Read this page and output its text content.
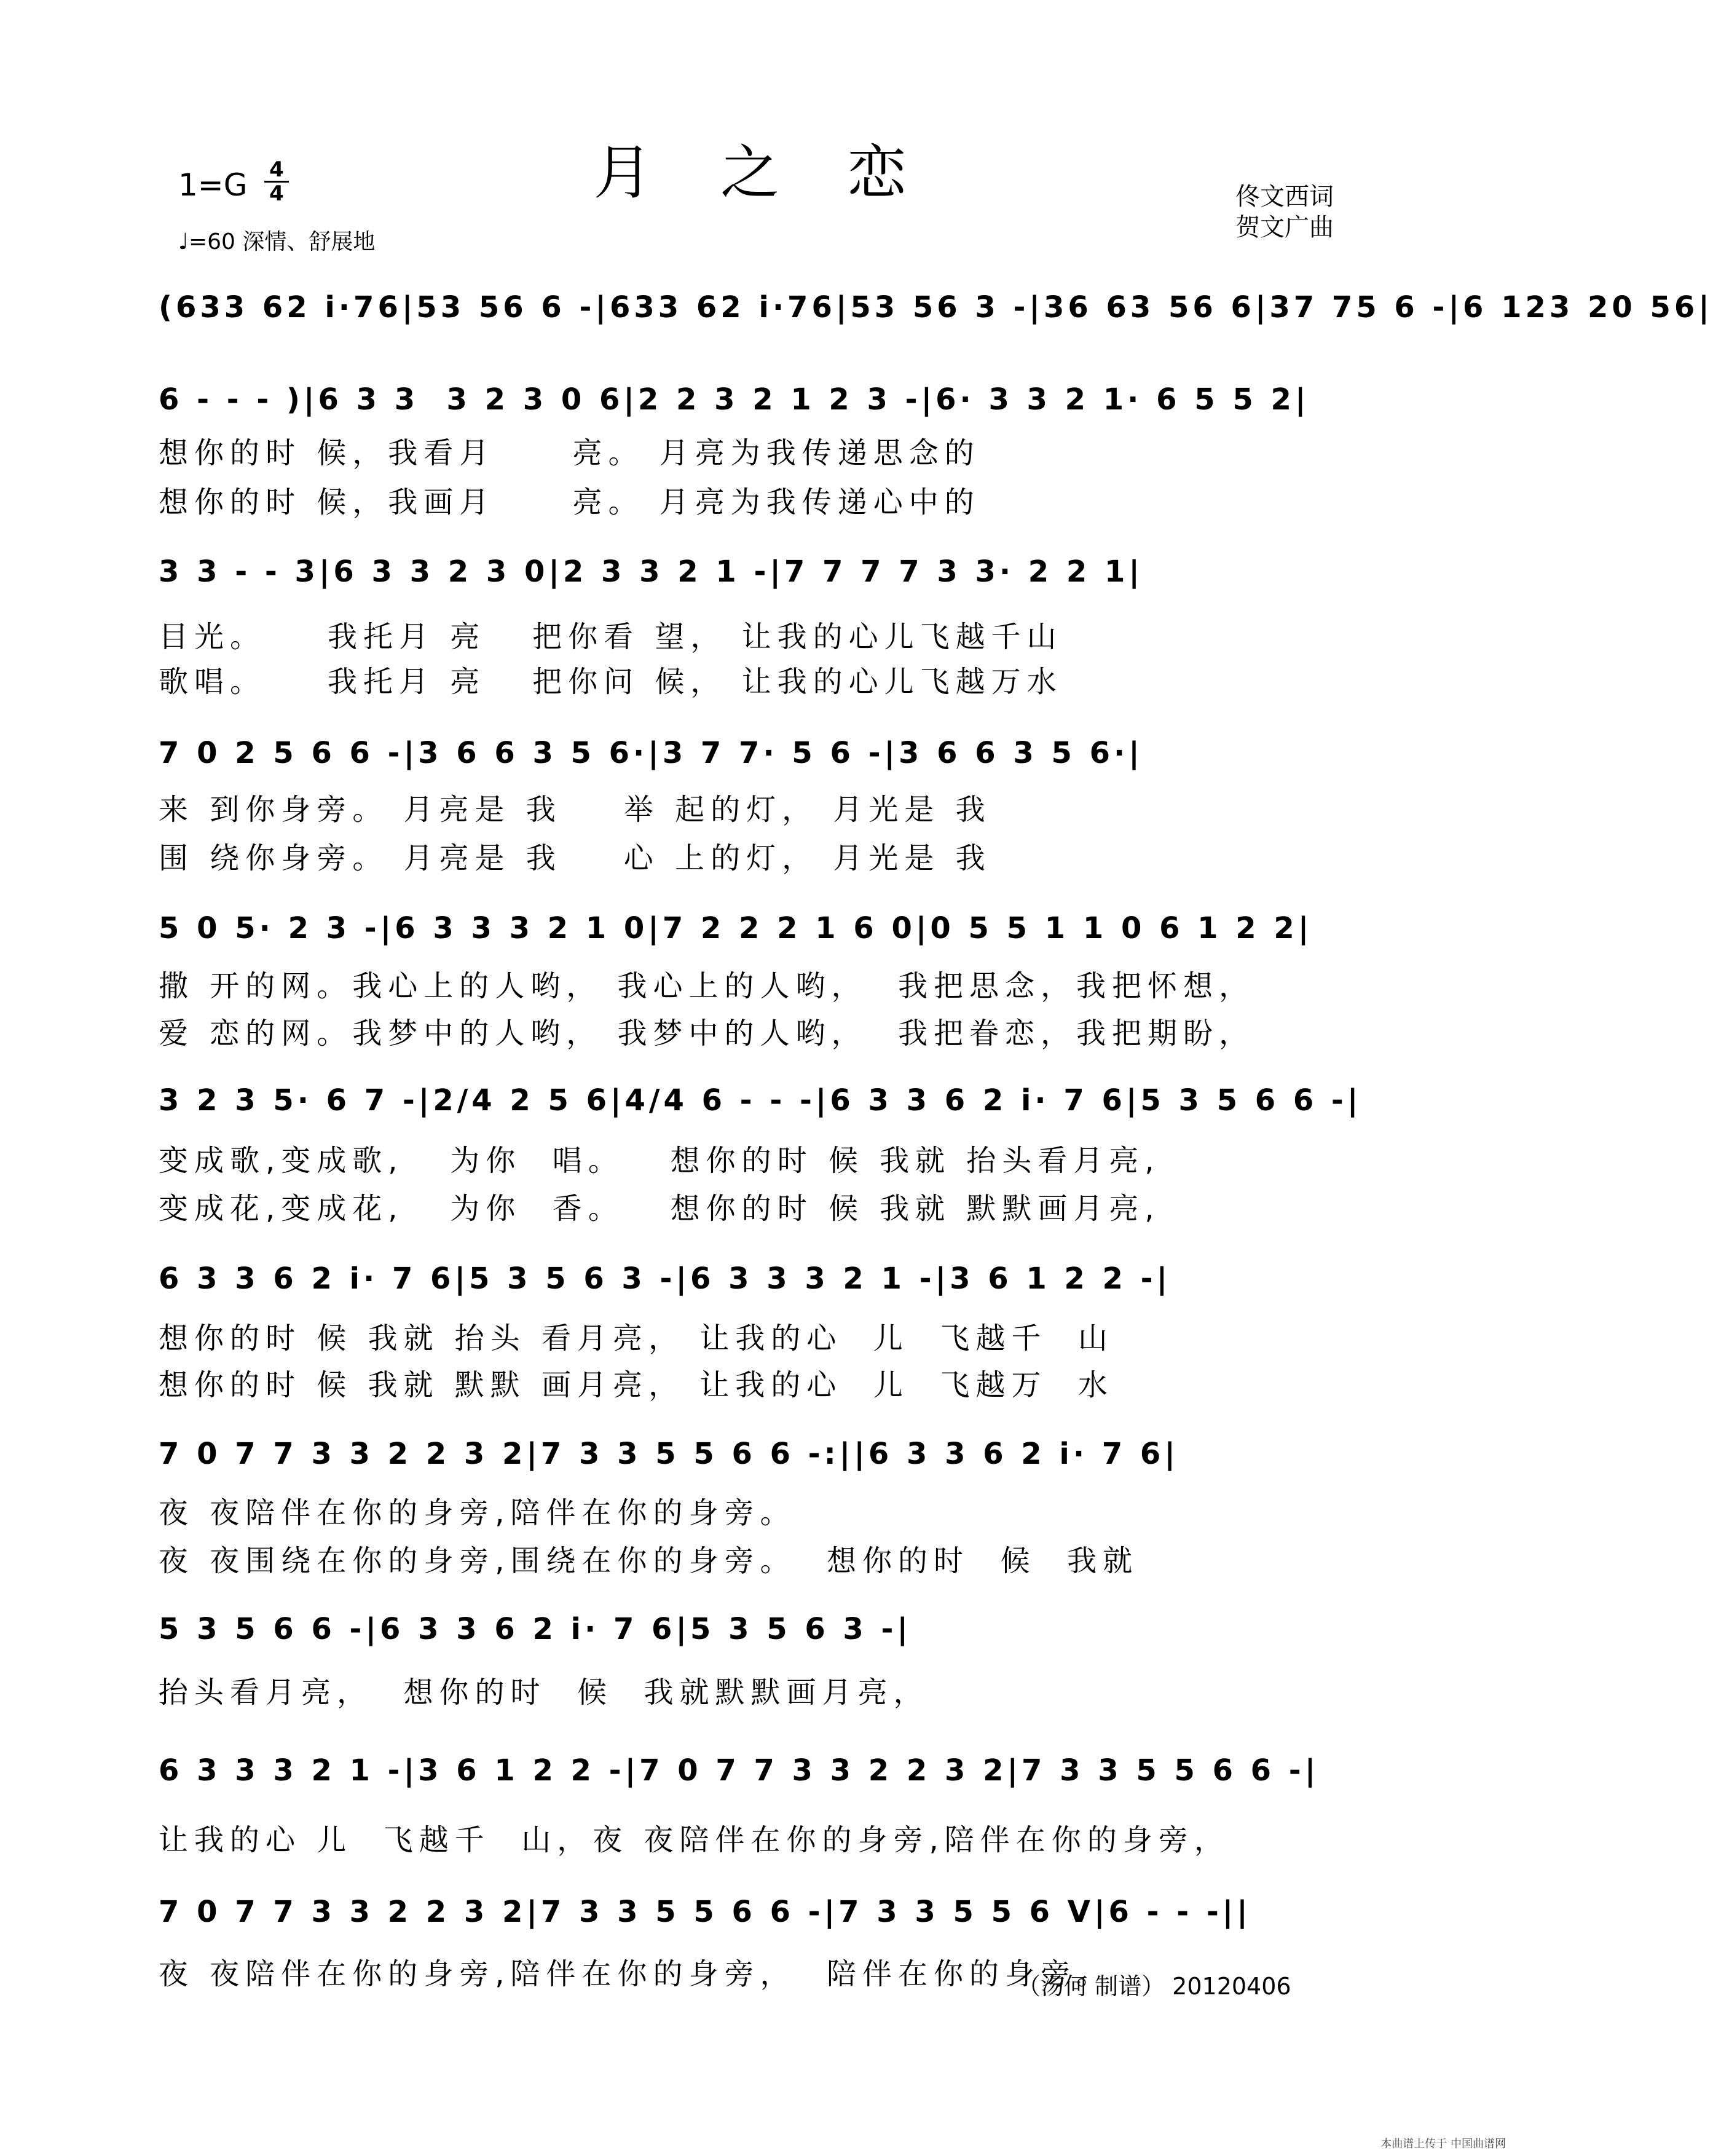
1=G 4
4	月 之 恋
♩=60 深情、舒展地
佟文西词
贺文广曲
(633 62 i·76|53 56 6 -|633 62 i·76|53 56 3 -|36 63 56 6|37 75 6 -|6 123 20 56|
6 - - - )|6 3 3  3 2 3 0 6|2 2 3 2 1 2 3 -|6· 3 3 2 1· 6 5 5 2|
想你的时 候，我看月     亮。 月亮为我传递思念的
想你的时 候，我画月     亮。 月亮为我传递心中的
3 3 - - 3|6 3 3 2 3 0|2 3 3 2 1 -|7 7 7 7 3 3· 2 2 1|
目光。    我托月 亮   把你看 望， 让我的心儿飞越千山
歌唱。    我托月 亮   把你问 候， 让我的心儿飞越万水
7 0 2 5 6 6 -|3 6 6 3 5 6·|3 7 7· 5 6 -|3 6 6 3 5 6·|
来 到你身旁。 月亮是 我    举 起的灯， 月光是 我
围 绕你身旁。 月亮是 我    心 上的灯， 月光是 我
5 0 5· 2 3 -|6 3 3 3 2 1 0|7 2 2 2 1 6 0|0 5 5 1 1 0 6 1 2 2|
撒 开的网。我心上的人哟， 我心上的人哟，  我把思念，我把怀想，
爱 恋的网。我梦中的人哟， 我梦中的人哟，  我把眷恋，我把期盼，
3 2 3 5· 6 7 -|2/4 2 5 6|4/4 6 - - -|6 3 3 6 2 i· 7 6|5 3 5 6 6 -|
变成歌,变成歌,   为你  唱。   想你的时 候 我就 抬头看月亮,
变成花,变成花,   为你  香。   想你的时 候 我就 默默画月亮,
6 3 3 6 2 i· 7 6|5 3 5 6 3 -|6 3 3 3 2 1 -|3 6 1 2 2 -|
想你的时 候 我就 抬头 看月亮， 让我的心  儿  飞越千  山
想你的时 候 我就 默默 画月亮， 让我的心  儿  飞越万  水
7 0 7 7 3 3 2 2 3 2|7 3 3 5 5 6 6 -:||6 3 3 6 2 i· 7 6|
夜 夜陪伴在你的身旁,陪伴在你的身旁。
夜 夜围绕在你的身旁,围绕在你的身旁。  想你的时  候  我就
5 3 5 6 6 -|6 3 3 6 2 i· 7 6|5 3 5 6 3 -|
抬头看月亮，  想你的时  候  我就默默画月亮，
6 3 3 3 2 1 -|3 6 1 2 2 -|7 0 7 7 3 3 2 2 3 2|7 3 3 5 5 6 6 -|
让我的心 儿  飞越千  山，夜 夜陪伴在你的身旁,陪伴在你的身旁，
7 0 7 7 3 3 2 2 3 2|7 3 3 5 5 6 6 -|7 3 3 5 5 6 V|6 - - -||
夜 夜陪伴在你的身旁,陪伴在你的身旁，  陪伴在你的身旁。
（汤何 制谱） 20120406
本曲谱上传于 中国曲谱网
